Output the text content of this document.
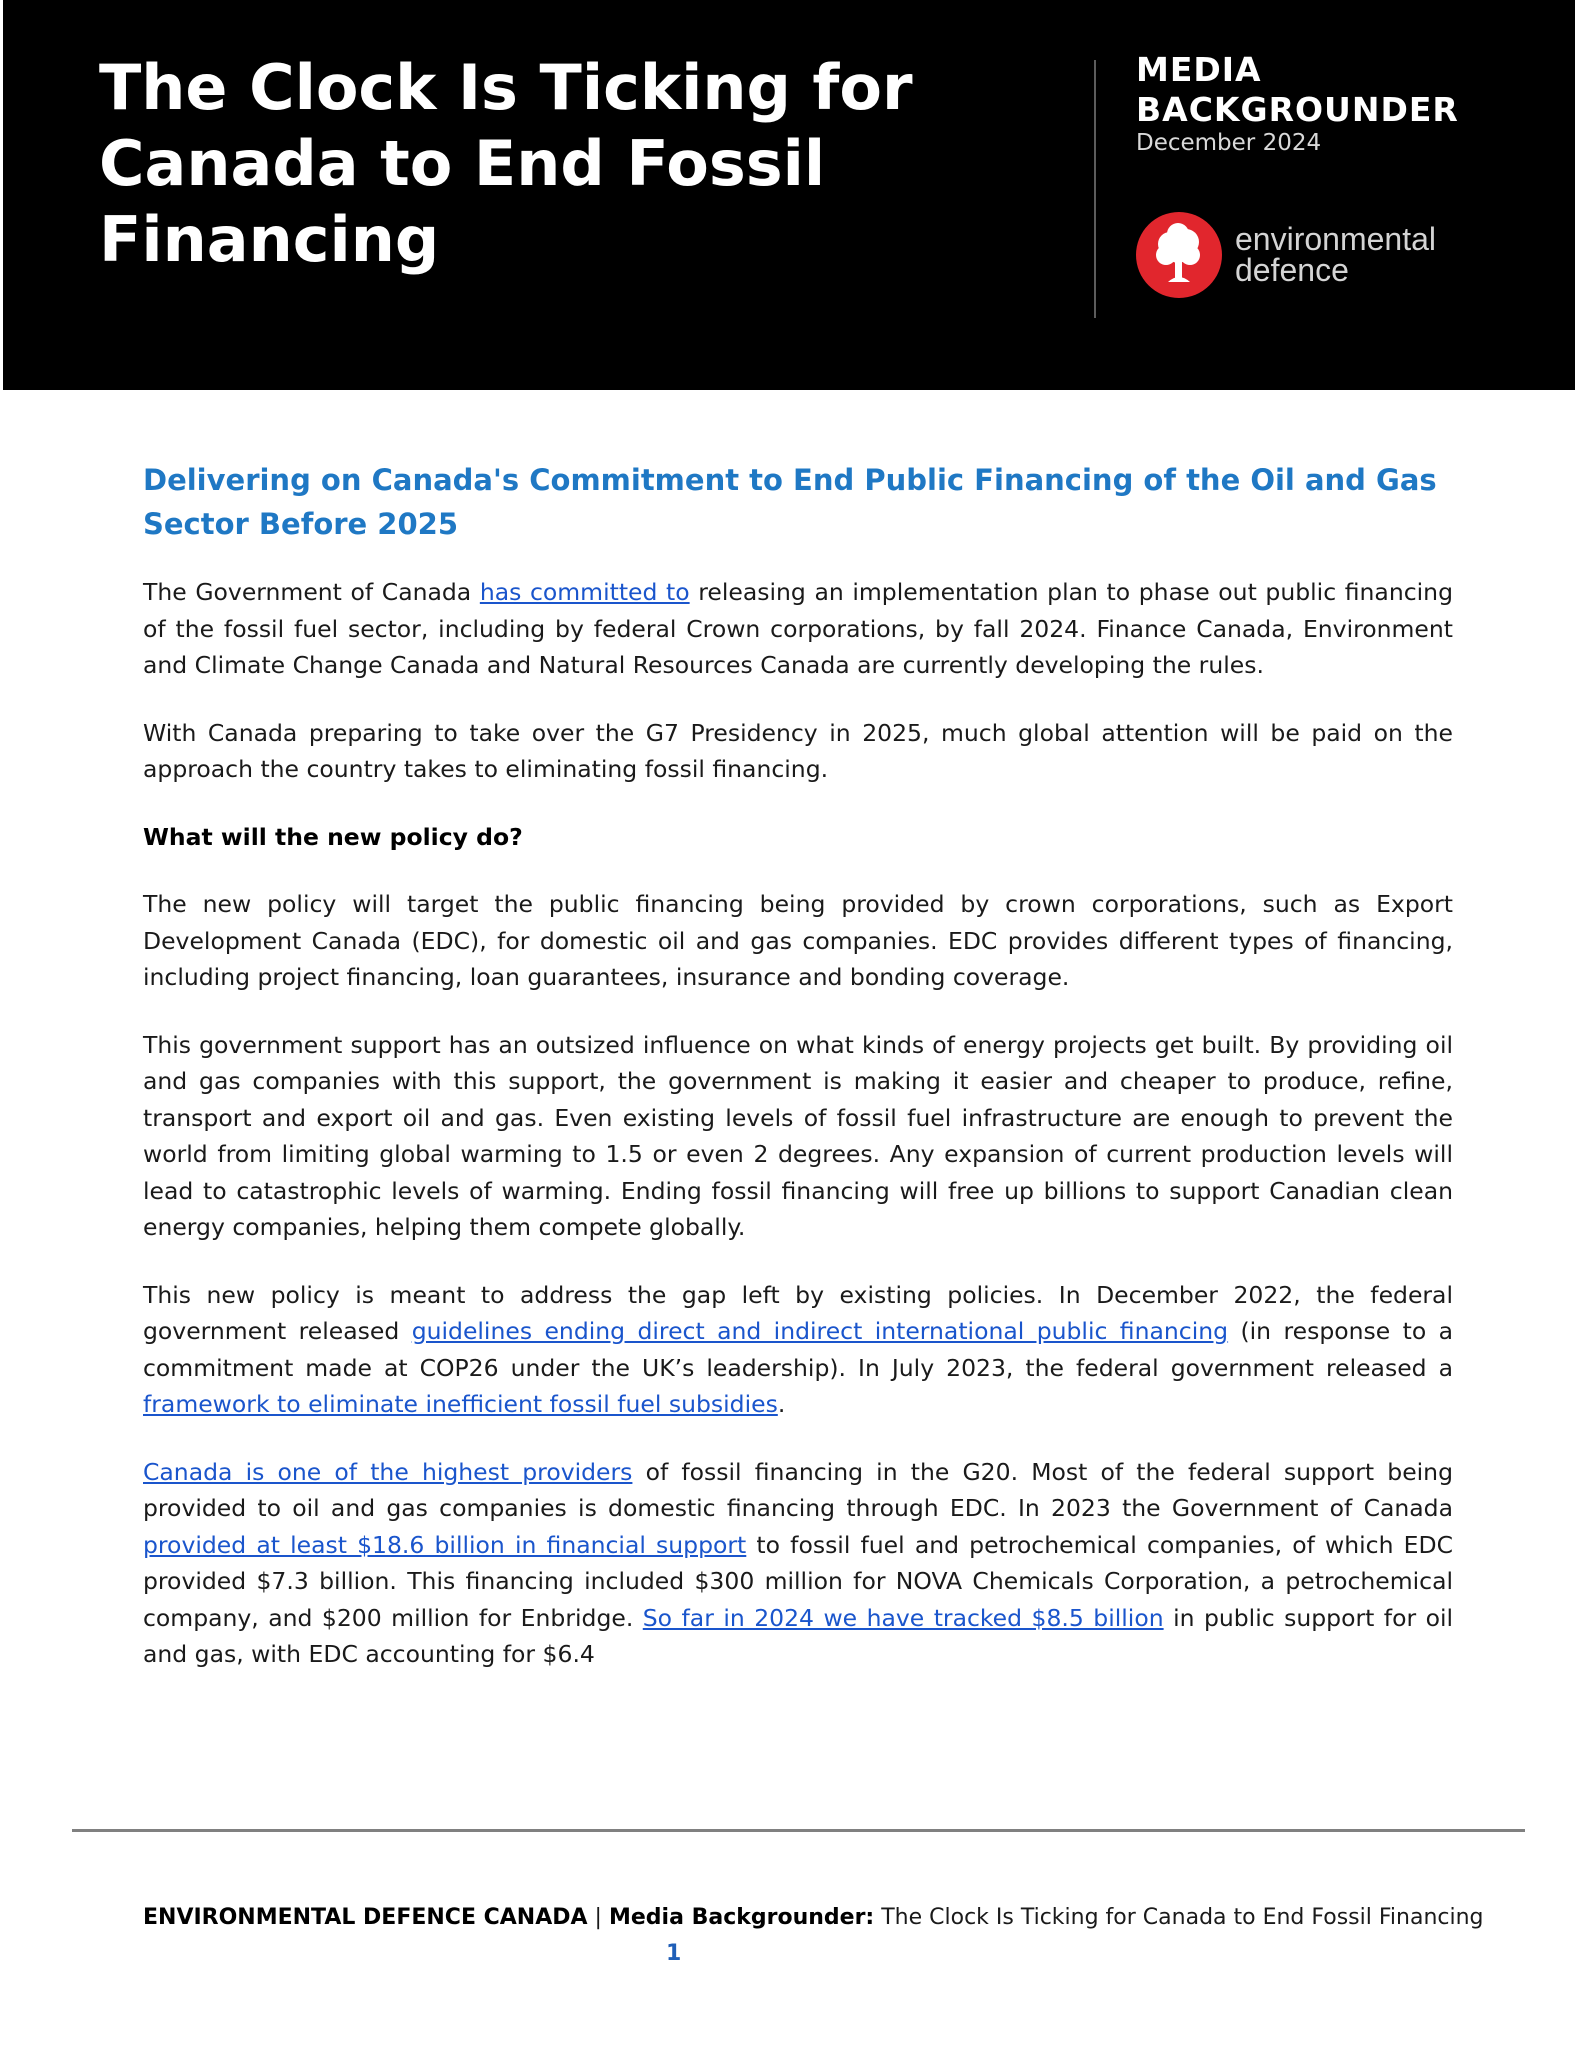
The Clock Is Ticking for Canada to End Fossil Financing
MEDIA
BACKGROUNDER
December 2024
environmental
defence
Delivering on Canada's Commitment to End Public Financing of the Oil and Gas Sector Before 2025

The Government of Canada has committed to releasing an implementation plan to phase out public financing of the fossil fuel sector, including by federal Crown corporations, by fall 2024. Finance Canada, Environment and Climate Change Canada and Natural Resources Canada are currently developing the rules.

With Canada preparing to take over the G7 Presidency in 2025, much global attention will be paid on the approach the country takes to eliminating fossil financing.

What will the new policy do?

The new policy will target the public financing being provided by crown corporations, such as Export Development Canada (EDC), for domestic oil and gas companies. EDC provides different types of financing, including project financing, loan guarantees, insurance and bonding coverage.

This government support has an outsized influence on what kinds of energy projects get built. By providing oil and gas companies with this support, the government is making it easier and cheaper to produce, refine, transport and export oil and gas. Even existing levels of fossil fuel infrastructure are enough to prevent the world from limiting global warming to 1.5 or even 2 degrees. Any expansion of current production levels will lead to catastrophic levels of warming. Ending fossil financing will free up billions to support Canadian clean energy companies, helping them compete globally.

This new policy is meant to address the gap left by existing policies. In December 2022, the federal government released guidelines ending direct and indirect international public financing (in response to a commitment made at COP26 under the UK’s leadership). In July 2023, the federal government released a framework to eliminate inefficient fossil fuel subsidies.

Canada is one of the highest providers of fossil financing in the G20. Most of the federal support being provided to oil and gas companies is domestic financing through EDC. In 2023 the Government of Canada provided at least $18.6 billion in financial support to fossil fuel and petrochemical companies, of which EDC provided $7.3 billion. This financing included $300 million for NOVA Chemicals Corporation, a petrochemical company, and $200 million for Enbridge. So far in 2024 we have tracked $8.5 billion in public support for oil and gas, with EDC accounting for $6.4

ENVIRONMENTAL DEFENCE CANADA | Media Backgrounder: The Clock Is Ticking for Canada to End Fossil Financing
1
